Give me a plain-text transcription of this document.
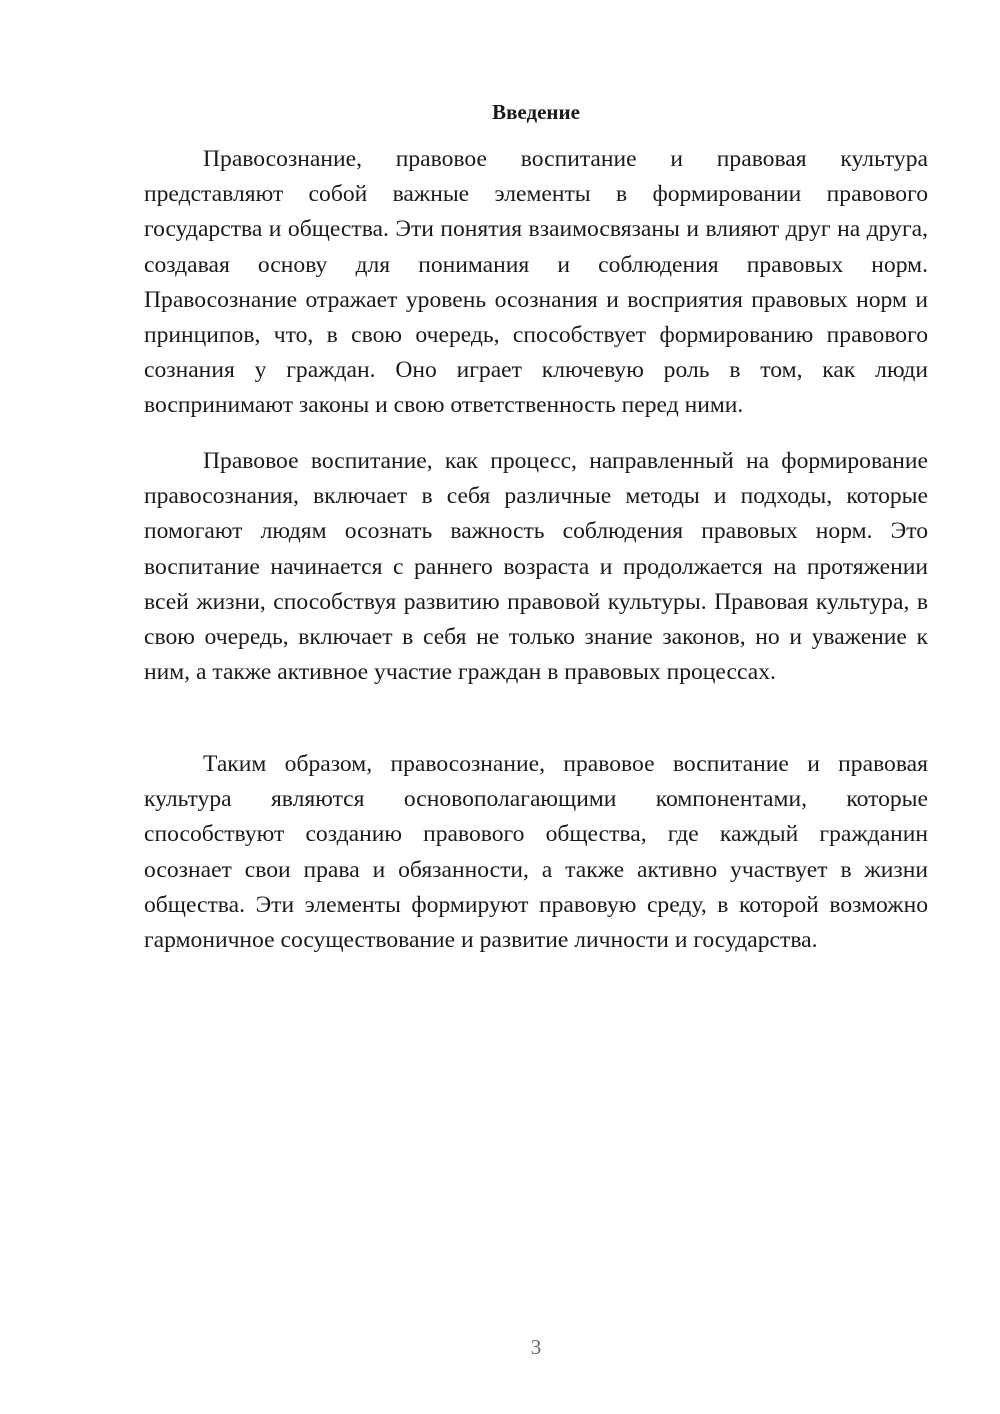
Введение

Правосознание, правовое воспитание и правовая культура представляют собой важные элементы в формировании правового государства и общества. Эти понятия взаимосвязаны и влияют друг на друга, создавая основу для понимания и соблюдения правовых норм. Правосознание отражает уровень осознания и восприятия правовых норм и принципов, что, в свою очередь, способствует формированию правового сознания у граждан. Оно играет ключевую роль в том, как люди воспринимают законы и свою ответственность перед ними.

Правовое воспитание, как процесс, направленный на формирование правосознания, включает в себя различные методы и подходы, которые помогают людям осознать важность соблюдения правовых норм. Это воспитание начинается с раннего возраста и продолжается на протяжении всей жизни, способствуя развитию правовой культуры. Правовая культура, в свою очередь, включает в себя не только знание законов, но и уважение к ним, а также активное участие граждан в правовых процессах.

Таким образом, правосознание, правовое воспитание и правовая культура являются основополагающими компонентами, которые способствуют созданию правового общества, где каждый гражданин осознает свои права и обязанности, а также активно участвует в жизни общества. Эти элементы формируют правовую среду, в которой возможно гармоничное сосуществование и развитие личности и государства.

3
